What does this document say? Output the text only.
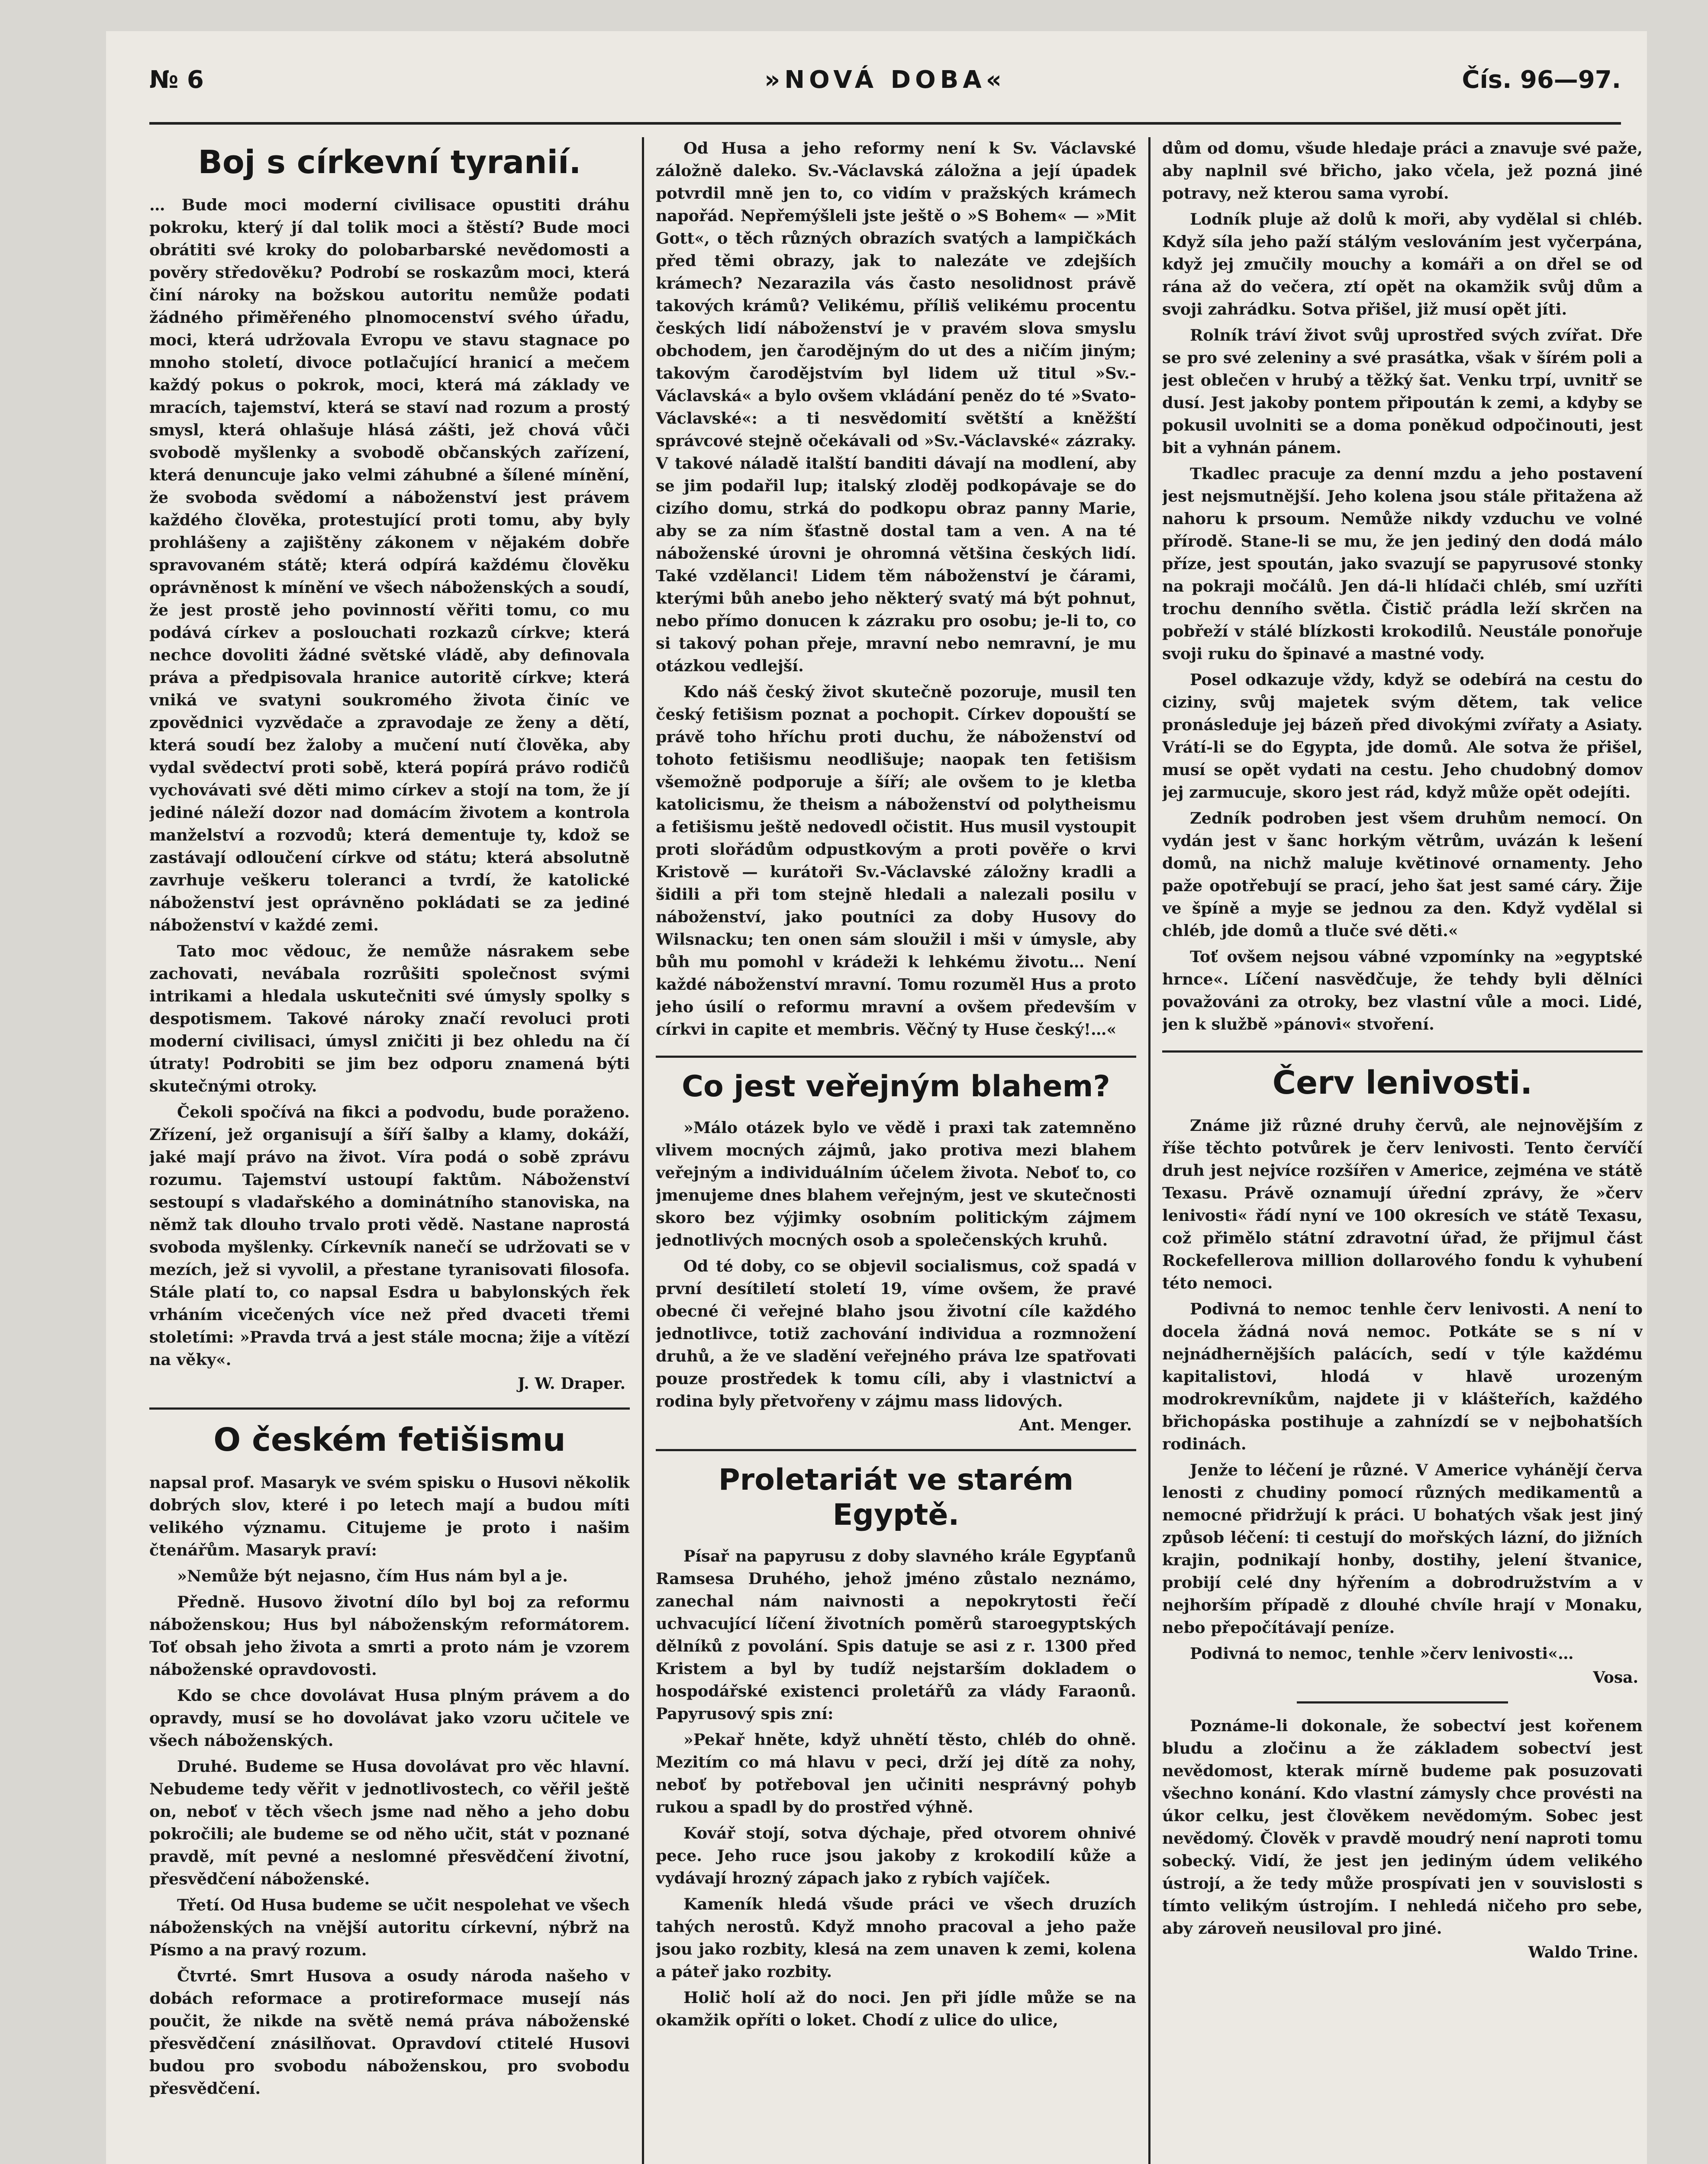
№ 6	»NOVÁ DOBA«	Čís. 96—97.
Boj s církevní tyranií.

… Bude moci moderní civilisace opustiti dráhu pokroku, který jí dal tolik moci a štěstí? Bude moci obrátiti své kroky do polobarbarské nevědomosti a pověry středověku? Podrobí se roskazům moci, která činí nároky na božskou autoritu nemůže podati žádného přiměřeného plnomocenství svého úřadu, moci, která udržovala Evropu ve stavu stagnace po mnoho století, divoce potlačující hranicí a mečem každý pokus o pokrok, moci, která má základy ve mracích, tajemství, která se staví nad rozum a prostý smysl, která ohlašuje hlásá zášti, jež chová vůči svobodě myšlenky a svobodě občanských zařízení, která denuncuje jako velmi záhubné a šílené mínění, že svoboda svědomí a náboženství jest právem každého člověka, protestující proti tomu, aby byly prohlášeny a zajištěny zákonem v nějakém dobře spravovaném státě; která odpírá každému člověku oprávněnost k mínění ve všech náboženských a soudí, že jest prostě jeho povinností věřiti tomu, co mu podává církev a poslouchati rozkazů církve; která nechce dovoliti žádné světské vládě, aby definovala práva a předpisovala hranice autoritě církve; která vniká ve svatyni soukromého života činíc ve zpovědnici vyzvědače a zpravodaje ze ženy a dětí, která soudí bez žaloby a mučení nutí člověka, aby vydal svědectví proti sobě, která popírá právo rodičů vychovávati své děti mimo církev a stojí na tom, že jí jediné náleží dozor nad domácím životem a kontrola manželství a rozvodů; která dementuje ty, kdož se zastávají odloučení církve od státu; která absolutně zavrhuje veškeru toleranci a tvrdí, že katolické náboženství jest oprávněno pokládati se za jediné náboženství v každé zemi.

Tato moc vědouc, že nemůže násrakem sebe zachovati, nevábala rozrůšiti společnost svými intrikami a hledala uskutečniti své úmysly spolky s despotismem. Takové nároky značí revoluci proti moderní civilisaci, úmysl zničiti ji bez ohledu na čí útraty! Podrobiti se jim bez odporu znamená býti skutečnými otroky.

Čekoli spočívá na fikci a podvodu, bude poraženo. Zřízení, jež organisují a šíří šalby a klamy, dokáží, jaké mají právo na život. Víra podá o sobě zprávu rozumu. Tajemství ustoupí faktům. Náboženství sestoupí s vladařského a dominátního stanoviska, na němž tak dlouho trvalo proti vědě. Nastane naprostá svoboda myšlenky. Církevník nanečí se udržovati se v mezích, jež si vyvolil, a přestane tyranisovati filosofa. Stále platí to, co napsal Esdra u babylonských řek vrháním vicečených více než před dvaceti třemi stoletími: »Pravda trvá a jest stále mocna; žije a vítězí na věky«.

J. W. Draper.
O českém fetišismu

napsal prof. Masaryk ve svém spisku o Husovi několik dobrých slov, které i po letech mají a budou míti velikého významu. Citujeme je proto i našim čtenářům. Masaryk praví:

»Nemůže být nejasno, čím Hus nám byl a je.

Předně. Husovo životní dílo byl boj za reformu náboženskou; Hus byl náboženským reformátorem. Toť obsah jeho života a smrti a proto nám je vzorem náboženské opravdovosti.

Kdo se chce dovolávat Husa plným právem a do opravdy, musí se ho dovolávat jako vzoru učitele ve všech náboženských.

Druhé. Budeme se Husa dovolávat pro věc hlavní. Nebudeme tedy věřit v jednotlivostech, co věřil ještě on, neboť v těch všech jsme nad něho a jeho dobu pokročili; ale budeme se od něho učit, stát v poznané pravdě, mít pevné a neslomné přesvědčení životní, přesvědčení náboženské.

Třetí. Od Husa budeme se učit nespolehat ve všech náboženských na vnější autoritu církevní, nýbrž na Písmo a na pravý rozum.

Čtvrté. Smrt Husova a osudy národa našeho v dobách reformace a protireformace musejí nás poučit, že nikde na světě nemá práva náboženské přesvědčení znásilňovat. Opravdoví ctitelé Husovi budou pro svobodu náboženskou, pro svobodu přesvědčení.

Od Husa a jeho reformy není k Sv. Václavské záložně daleko. Sv.-Václavská záložna a její úpadek potvrdil mně jen to, co vidím v pražských krámech napořád. Nepřemýšleli jste ještě o »S Bohem« — »Mit Gott«, o těch různých obrazích svatých a lampičkách před těmi obrazy, jak to nalezáte ve zdejších krámech? Nezarazila vás často nesolidnost právě takových krámů? Velikému, příliš velikému procentu českých lidí náboženství je v pravém slova smyslu obchodem, jen čarodějným do ut des a ničím jiným; takovým čarodějstvím byl lidem už titul »Sv.-Václavská« a bylo ovšem vkládání peněz do té »Svato-Václavské«: a ti nesvědomití světští a kněžští správcové stejně očekávali od »Sv.-Václavské« zázraky. V takové náladě italští banditi dávají na modlení, aby se jim podařil lup; italský zloděj podkopávaje se do cizího domu, strká do podkopu obraz panny Marie, aby se za ním šťastně dostal tam a ven. A na té náboženské úrovni je ohromná většina českých lidí. Také vzdělanci! Lidem těm náboženství je čárami, kterými bůh anebo jeho některý svatý má být pohnut, nebo přímo donucen k zázraku pro osobu; je-li to, co si takový pohan přeje, mravní nebo nemravní, je mu otázkou vedlejší.

Kdo náš český život skutečně pozoruje, musil ten český fetišism poznat a pochopit. Církev dopouští se právě toho hříchu proti duchu, že náboženství od tohoto fetišismu neodlišuje; naopak ten fetišism všemožně podporuje a šíří; ale ovšem to je kletba katolicismu, že theism a náboženství od polytheismu a fetišismu ještě nedovedl očistit. Hus musil vystoupit proti slořádům odpustkovým a proti pověře o krvi Kristově — kurátoři Sv.-Václavské záložny kradli a šidili a při tom stejně hledali a nalezali posilu v náboženství, jako poutníci za doby Husovy do Wilsnacku; ten onen sám sloužil i mši v úmysle, aby bůh mu pomohl v krádeži k lehkému životu… Není každé náboženství mravní. Tomu rozuměl Hus a proto jeho úsilí o reformu mravní a ovšem především v církvi in capite et membris. Věčný ty Huse český!…«

Co jest veřejným blahem?

»Málo otázek bylo ve vědě i praxi tak zatemněno vlivem mocných zájmů, jako protiva mezi blahem veřejným a individuálním účelem života. Neboť to, co jmenujeme dnes blahem veřejným, jest ve skutečnosti skoro bez výjimky osobním politickým zájmem jednotlivých mocných osob a společenských kruhů.

Od té doby, co se objevil socialismus, což spadá v první desítiletí století 19, víme ovšem, že pravé obecné či veřejné blaho jsou životní cíle každého jednotlivce, totiž zachování individua a rozmnožení druhů, a že ve sladění veřejného práva lze spatřovati pouze prostředek k tomu cíli, aby i vlastnictví a rodina byly přetvořeny v zájmu mass lidových.

Ant. Menger.
Proletariát ve starém Egyptě.

Písař na papyrusu z doby slavného krále Egypťanů Ramsesa Druhého, jehož jméno zůstalo neznámo, zanechal nám naivnosti a nepokrytosti řečí uchvacující líčení životních poměrů staroegyptských dělníků z povolání. Spis datuje se asi z r. 1300 před Kristem a byl by tudíž nejstarším dokladem o hospodářské existenci proletářů za vlády Faraonů. Papyrusový spis zní:

»Pekař hněte, když uhnětí těsto, chléb do ohně. Mezitím co má hlavu v peci, drží jej dítě za nohy, neboť by potřeboval jen učiniti nesprávný pohyb rukou a spadl by do prostřed výhně.

Kovář stojí, sotva dýchaje, před otvorem ohnivé pece. Jeho ruce jsou jakoby z krokodilí kůže a vydávají hrozný zápach jako z rybích vajíček.

Kameník hledá všude práci ve všech druzích tahých nerostů. Když mnoho pracoval a jeho paže jsou jako rozbity, klesá na zem unaven k zemi, kolena a páteř jako rozbity.

Holič holí až do noci. Jen při jídle může se na okamžik opříti o loket. Chodí z ulice do ulice,

dům od domu, všude hledaje práci a znavuje své paže, aby naplnil své břicho, jako včela, jež pozná jiné potravy, než kterou sama vyrobí.

Lodník pluje až dolů k moři, aby vydělal si chléb. Když síla jeho paží stálým veslováním jest vyčerpána, když jej zmučily mouchy a komáři a on dřel se od rána až do večera, ztí opět na okamžik svůj dům a svoji zahrádku. Sotva přišel, již musí opět jíti.

Rolník tráví život svůj uprostřed svých zvířat. Dře se pro své zeleniny a své prasátka, však v šírém poli a jest oblečen v hrubý a těžký šat. Venku trpí, uvnitř se dusí. Jest jakoby pontem připoután k zemi, a kdyby se pokusil uvolniti se a doma poněkud odpočinouti, jest bit a vyhnán pánem.

Tkadlec pracuje za denní mzdu a jeho postavení jest nejsmutnější. Jeho kolena jsou stále přitažena až nahoru k prsoum. Nemůže nikdy vzduchu ve volné přírodě. Stane-li se mu, že jen jediný den dodá málo příze, jest spoután, jako svazují se papyrusové stonky na pokraji močálů. Jen dá-li hlídači chléb, smí uzříti trochu denního světla. Čistič prádla leží skrčen na pobřeží v stálé blízkosti krokodilů. Neustále ponořuje svoji ruku do špinavé a mastné vody.

Posel odkazuje vždy, když se odebírá na cestu do ciziny, svůj majetek svým dětem, tak velice pronásleduje jej bázeň před divokými zvířaty a Asiaty. Vrátí-li se do Egypta, jde domů. Ale sotva že přišel, musí se opět vydati na cestu. Jeho chudobný domov jej zarmucuje, skoro jest rád, když může opět odejíti.

Zedník podroben jest všem druhům nemocí. On vydán jest v šanc horkým větrům, uvázán k lešení domů, na nichž maluje květinové ornamenty. Jeho paže opotřebují se prací, jeho šat jest samé cáry. Žije ve špíně a myje se jednou za den. Když vydělal si chléb, jde domů a tluče své děti.«

Toť ovšem nejsou vábné vzpomínky na »egyptské hrnce«. Líčení nasvědčuje, že tehdy byli dělníci považováni za otroky, bez vlastní vůle a moci. Lidé, jen k službě »pánovi« stvoření.

Červ lenivosti.

Známe již různé druhy červů, ale nejnovějším z říše těchto potvůrek je červ lenivosti. Tento červíčí druh jest nejvíce rozšířen v Americe, zejména ve státě Texasu. Právě oznamují úřední zprávy, že »červ lenivosti« řádí nyní ve 100 okresích ve státě Texasu, což přimělo státní zdravotní úřad, že přijmul část Rockefellerova million dollarového fondu k vyhubení této nemoci.

Podivná to nemoc tenhle červ lenivosti. A není to docela žádná nová nemoc. Potkáte se s ní v nejnádhernějších palácích, sedí v týle každému kapitalistovi, hlodá v hlavě urozeným modrokrevníkům, najdete ji v klášteřích, každého břichopáska postihuje a zahnízdí se v nejbohatších rodinách.

Jenže to léčení je různé. V Americe vyhánějí červa lenosti z chudiny pomocí různých medikamentů a nemocné přidržují k práci. U bohatých však jest jiný způsob léčení: ti cestují do mořských lázní, do jižních krajin, podnikají honby, dostihy, jelení štvanice, probijí celé dny hýřením a dobrodružstvím a v nejhorším případě z dlouhé chvíle hrají v Monaku, nebo přepočítávají peníze.

Podivná to nemoc, tenhle »červ lenivosti«…

Vosa.

Poznáme-li dokonale, že sobectví jest kořenem bludu a zločinu a že základem sobectví jest nevědomost, kterak mírně budeme pak posuzovati všechno konání. Kdo vlastní zámysly chce provésti na úkor celku, jest člověkem nevědomým. Sobec jest nevědomý. Člověk v pravdě moudrý není naproti tomu sobecký. Vidí, že jest jen jediným údem velikého ústrojí, a že tedy může prospívati jen v souvislosti s tímto velikým ústrojím. I nehledá ničeho pro sebe, aby zároveň neusiloval pro jiné.

Waldo Trine.
